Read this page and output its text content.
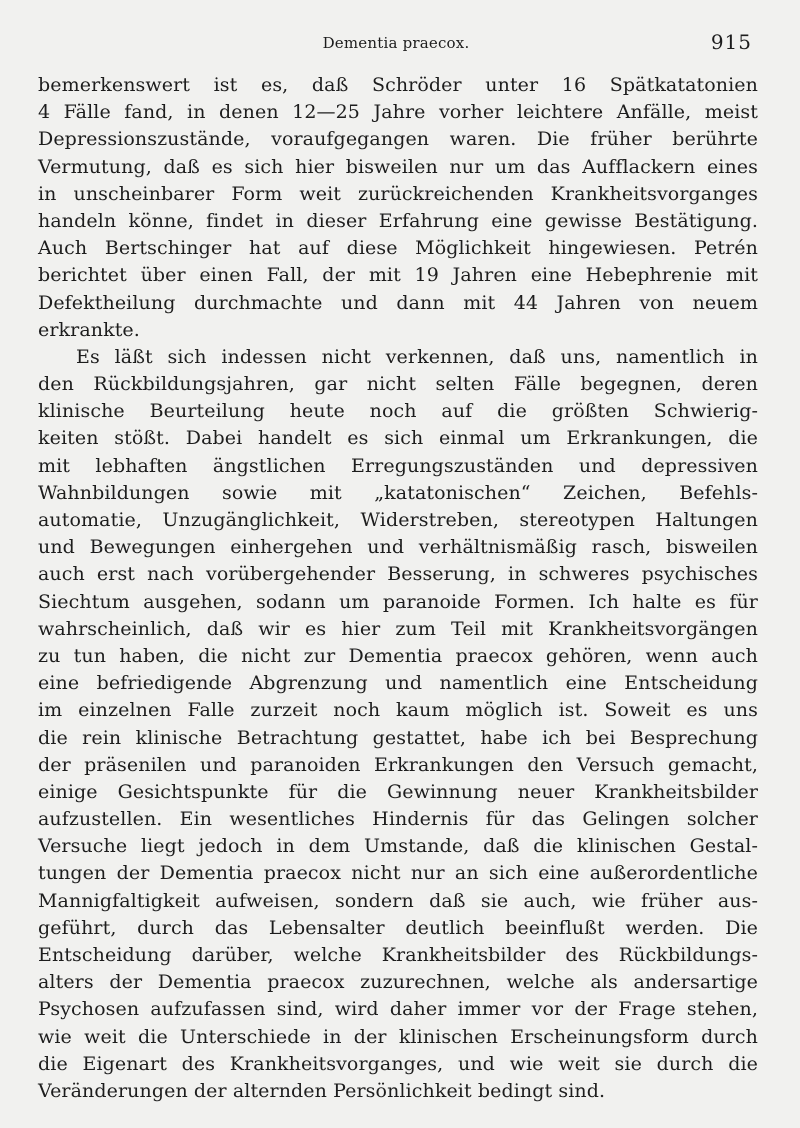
Dementia praecox.	915
bemerkenswert ist es, daß Schröder unter 16 Spätkatatonien
4 Fälle fand, in denen 12—25 Jahre vorher leichtere Anfälle, meist
Depressionszustände, voraufgegangen waren. Die früher berührte
Vermutung, daß es sich hier bisweilen nur um das Aufflackern eines
in unscheinbarer Form weit zurückreichenden Krankheitsvorganges
handeln könne, findet in dieser Erfahrung eine gewisse Bestätigung.
Auch Bertschinger hat auf diese Möglichkeit hingewiesen. Petrén
berichtet über einen Fall, der mit 19 Jahren eine Hebephrenie mit
Defektheilung durchmachte und dann mit 44 Jahren von neuem
erkrankte.
Es läßt sich indessen nicht verkennen, daß uns, namentlich in
den Rückbildungsjahren, gar nicht selten Fälle begegnen, deren
klinische Beurteilung heute noch auf die größten Schwierig-
keiten stößt. Dabei handelt es sich einmal um Erkrankungen, die
mit lebhaften ängstlichen Erregungszuständen und depressiven
Wahnbildungen sowie mit „katatonischen“ Zeichen, Befehls-
automatie, Unzugänglichkeit, Widerstreben, stereotypen Haltungen
und Bewegungen einhergehen und verhältnismäßig rasch, bisweilen
auch erst nach vorübergehender Besserung, in schweres psychisches
Siechtum ausgehen, sodann um paranoide Formen. Ich halte es für
wahrscheinlich, daß wir es hier zum Teil mit Krankheitsvorgängen
zu tun haben, die nicht zur Dementia praecox gehören, wenn auch
eine befriedigende Abgrenzung und namentlich eine Entscheidung
im einzelnen Falle zurzeit noch kaum möglich ist. Soweit es uns
die rein klinische Betrachtung gestattet, habe ich bei Besprechung
der präsenilen und paranoiden Erkrankungen den Versuch gemacht,
einige Gesichtspunkte für die Gewinnung neuer Krankheitsbilder
aufzustellen. Ein wesentliches Hindernis für das Gelingen solcher
Versuche liegt jedoch in dem Umstande, daß die klinischen Gestal-
tungen der Dementia praecox nicht nur an sich eine außerordentliche
Mannigfaltigkeit aufweisen, sondern daß sie auch, wie früher aus-
geführt, durch das Lebensalter deutlich beeinflußt werden. Die
Entscheidung darüber, welche Krankheitsbilder des Rückbildungs-
alters der Dementia praecox zuzurechnen, welche als andersartige
Psychosen aufzufassen sind, wird daher immer vor der Frage stehen,
wie weit die Unterschiede in der klinischen Erscheinungsform durch
die Eigenart des Krankheitsvorganges, und wie weit sie durch die
Veränderungen der alternden Persönlichkeit bedingt sind.
